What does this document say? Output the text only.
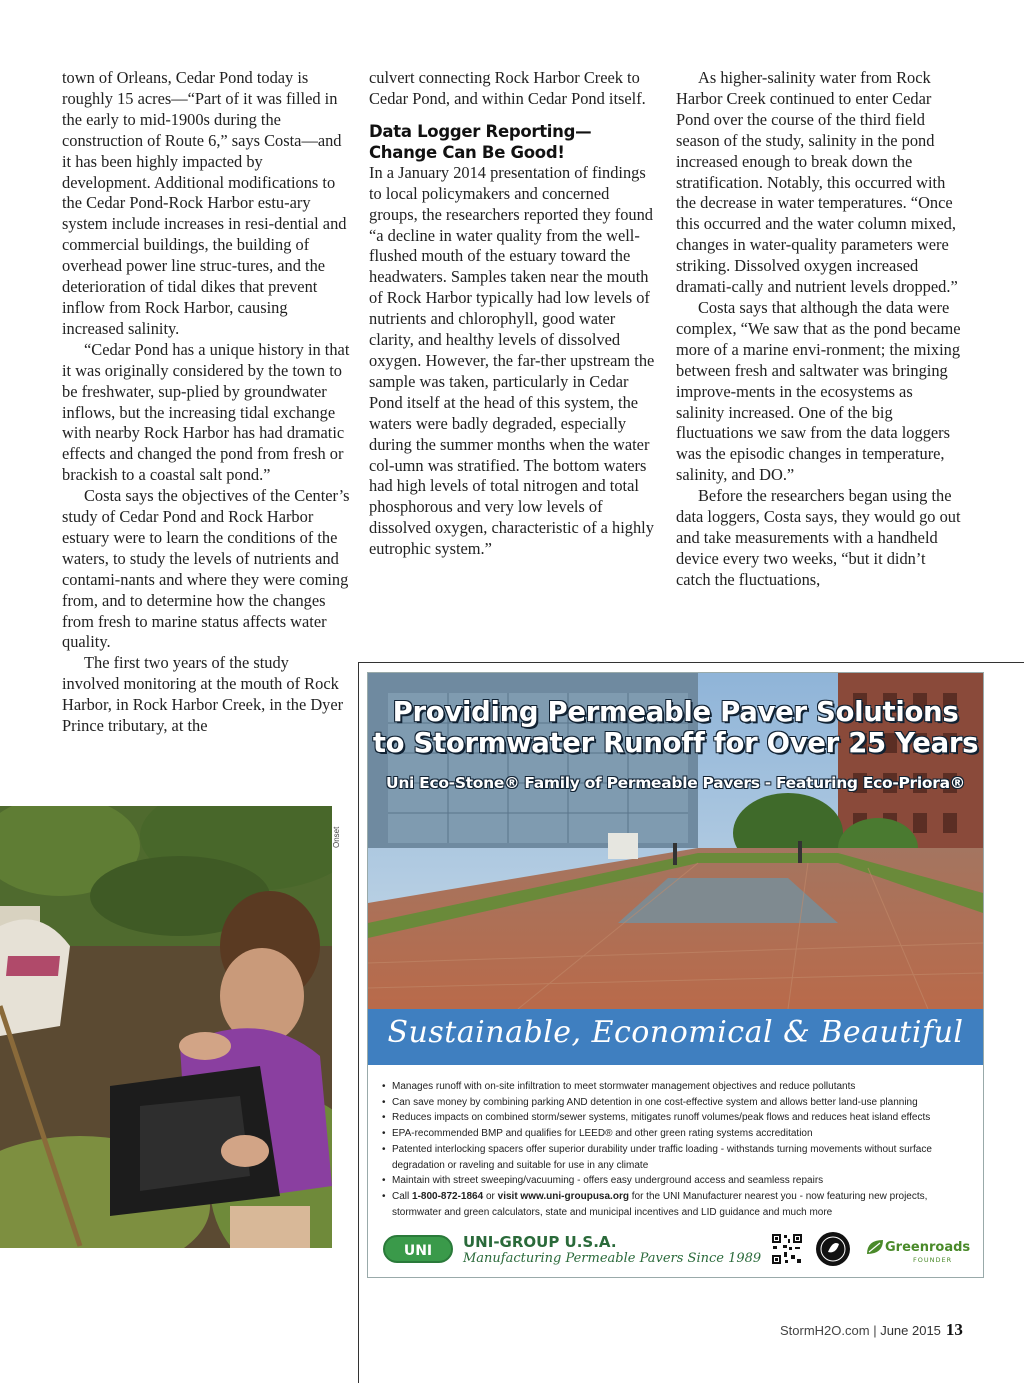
town of Orleans, Cedar Pond today is roughly 15 acres—“Part of it was filled in the early to mid-1900s during the construction of Route 6,” says Costa—and it has been highly impacted by development. Additional modifications to the Cedar Pond-Rock Harbor estu-ary system include increases in resi-dential and commercial buildings, the building of overhead power line struc-tures, and the deterioration of tidal dikes that prevent inflow from Rock Harbor, causing increased salinity.

“Cedar Pond has a unique history in that it was originally considered by the town to be freshwater, sup-plied by groundwater inflows, but the increasing tidal exchange with nearby Rock Harbor has had dramatic effects and changed the pond from fresh or brackish to a coastal salt pond.”

Costa says the objectives of the Center’s study of Cedar Pond and Rock Harbor estuary were to learn the conditions of the waters, to study the levels of nutrients and contami-nants and where they were coming from, and to determine how the changes from fresh to marine status affects water quality.

The first two years of the study involved monitoring at the mouth of Rock Harbor, in Rock Harbor Creek, in the Dyer Prince tributary, at the

culvert connecting Rock Harbor Creek to Cedar Pond, and within Cedar Pond itself.

Data Logger Reporting—
Change Can Be Good!

In a January 2014 presentation of findings to local policymakers and concerned groups, the researchers reported they found “a decline in water quality from the well-flushed mouth of the estuary toward the headwaters. Samples taken near the mouth of Rock Harbor typically had low levels of nutrients and chlorophyll, good water clarity, and healthy levels of dissolved oxygen. However, the far-ther upstream the sample was taken, particularly in Cedar Pond itself at the head of this system, the waters were badly degraded, especially during the summer months when the water col-umn was stratified. The bottom waters had high levels of total nitrogen and total phosphorous and very low levels of dissolved oxygen, characteristic of a highly eutrophic system.”

As higher-salinity water from Rock Harbor Creek continued to enter Cedar Pond over the course of the third field season of the study, salinity in the pond increased enough to break down the stratification. Notably, this occurred with the decrease in water temperatures. “Once this occurred and the water column mixed, changes in water-quality parameters were striking. Dissolved oxygen increased dramati-cally and nutrient levels dropped.”

Costa says that although the data were complex, “We saw that as the pond became more of a marine envi-ronment; the mixing between fresh and saltwater was bringing improve-ments in the ecosystems as salinity increased. One of the big fluctuations we saw from the data loggers was the episodic changes in temperature, salinity, and DO.”

Before the researchers began using the data loggers, Costa says, they would go out and take measurements with a handheld device every two weeks, “but it didn’t catch the fluctuations,

Onset
Providing Permeable Paver Solutions
to Stormwater Runoff for Over 25 Years
Uni Eco-Stone® Family of Permeable Pavers - Featuring Eco-Priora®
Sustainable, Economical & Beautiful
• Manages runoff with on-site infiltration to meet stormwater management objectives and reduce pollutants
• Can save money by combining parking AND detention in one cost-effective system and allows better land-use planning
• Reduces impacts on combined storm/sewer systems, mitigates runoff volumes/peak flows and reduces heat island effects
• EPA-recommended BMP and qualifies for LEED® and other green rating systems accreditation
• Patented interlocking spacers offer superior durability under traffic loading - withstands turning movements without surface degradation or raveling and suitable for use in any climate
• Maintain with street sweeping/vacuuming - offers easy underground access and seamless repairs
• Call 1-800-872-1864 or visit www.uni-groupusa.org for the UNI Manufacturer nearest you - now featuring new projects, stormwater and green calculators, state and municipal incentives and LID guidance and much more
UNI	UNI-GROUP U.S.A.
Manufacturing Permeable Pavers Since 1989
Greenroads
FOUNDER
StormH2O.com | June 2015 13
